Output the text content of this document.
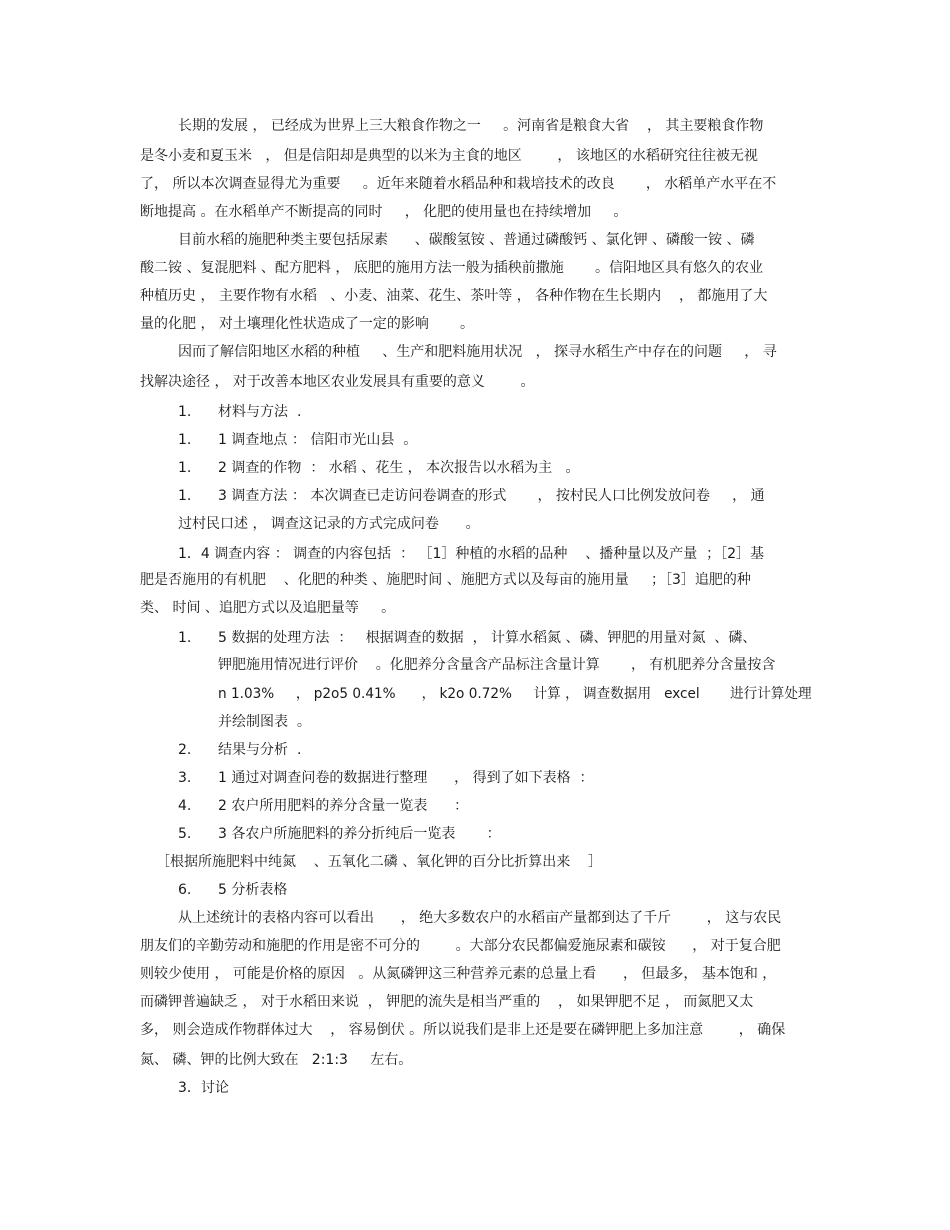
长期的发展 ， 已经成为世界上三大粮食作物之一     。河南省是粮食大省    ， 其主要粮食作物
是冬小麦和夏玉米   ， 但是信阳却是典型的以米为主食的地区        ， 该地区的水稻研究往往被无视
了， 所以本次调查显得尤为重要     。近年来随着水稻品种和栽培技术的改良       ， 水稻单产水平在不
断地提高 。在水稻单产不断提高的同时     ， 化肥的使用量也在持续增加     。
目前水稻的施肥种类主要包括尿素      、碳酸氢铵 、普通过磷酸钙 、氯化钾 、磷酸一铵 、磷
酸二铵 、复混肥料 、配方肥料 ， 底肥的施用方法一般为插秧前撒施       。信阳地区具有悠久的农业
种植历史 ， 主要作物有水稻   、小麦、油菜、花生、茶叶等 ， 各种作物在生长期内    ， 都施用了大
量的化肥 ， 对土壤理化性状造成了一定的影响       。
因而了解信阳地区水稻的种植     、生产和肥料施用状况   ， 探寻水稻生产中存在的问题     ， 寻
找解决途径 ， 对于改善本地区农业发展具有重要的意义        。
1.      材料与方法  .
1.      1 调查地点 ： 信阳市光山县  。
1.      2 调查的作物  ： 水稻 、花生 ， 本次报告以水稻为主   。
1.      3 调查方法 ： 本次调查已走访问卷调查的形式       ， 按村民人口比例发放问卷     ， 通
过村民口述 ， 调查这记录的方式完成问卷      。
1．4 调查内容 ： 调查的内容包括  ： ［1］种植的水稻的品种    、播种量以及产量  ；［2］基
肥是否施用的有机肥    、化肥的种类 、施肥时间 、施肥方式以及每亩的施用量     ；［3］追肥的种
类、 时间 、追肥方式以及追肥量等     。
1.      5 数据的处理方法  ：   根据调查的数据  ， 计算水稻氮 、磷、钾肥的用量对氮  、磷、
钾肥施用情况进行评价    。化肥养分含量含产品标注含量计算       ， 有机肥养分含量按含
n 1.03%     ， p2o5 0.41%      ， k2o 0.72%     计算 ， 调查数据用   excel       进行计算处理
并绘制图表  。
2.      结果与分析  .
3.      1 通过对调查问卷的数据进行整理      ， 得到了如下表格  ：
4.      2 农户所用肥料的养分含量一览表      ：
5.      3 各农户所施肥料的养分折纯后一览表       ：
［根据所施肥料中纯氮    、五氧化二磷 、氧化钾的百分比折算出来    ］
6.      5 分析表格
从上述统计的表格内容可以看出      ， 绝大多数农户的水稻亩产量都到达了千斤        ， 这与农民
朋友们的辛勤劳动和施肥的作用是密不可分的        。大部分农民都偏爱施尿素和碳铵      ， 对于复合肥
则较少使用 ， 可能是价格的原因   。从氮磷钾这三种营养元素的总量上看      ， 但最多， 基本饱和 ，
而磷钾普遍缺乏 ， 对于水稻田来说  ， 钾肥的流失是相当严重的    ， 如果钾肥不足 ， 而氮肥又太
多， 则会造成作物群体过大    ， 容易倒伏 。所以说我们是非上还是要在磷钾肥上多加注意        ， 确保
氮、 磷、钾的比例大致在   2:1:3     左右。
3．讨论
